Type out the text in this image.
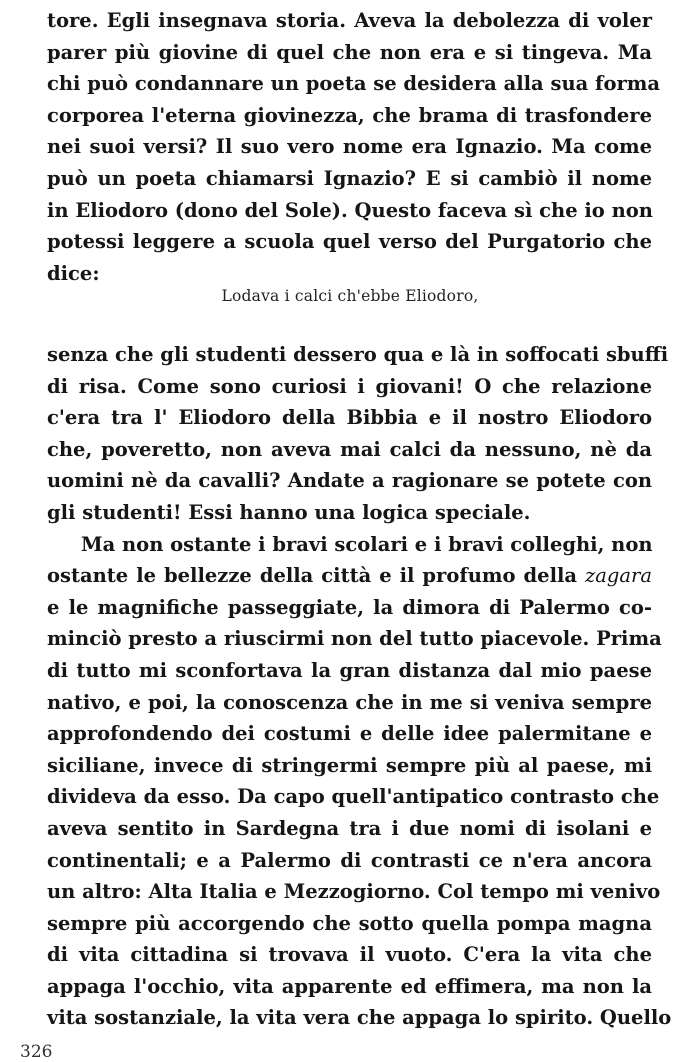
tore. Egli insegnava storia. Aveva la debolezza di voler
parer più giovine di quel che non era e si tingeva. Ma
chi può condannare un poeta se desidera alla sua forma
corporea l'eterna giovinezza, che brama di trasfondere
nei suoi versi? Il suo vero nome era Ignazio. Ma come
può un poeta chiamarsi Ignazio? E si cambiò il nome
in Eliodoro (dono del Sole). Questo faceva sì che io non
potessi leggere a scuola quel verso del Purgatorio che
dice:
Lodava i calci ch'ebbe Eliodoro,
senza che gli studenti dessero qua e là in soffocati sbuffi
di risa. Come sono curiosi i giovani! O che relazione
c'era tra l' Eliodoro della Bibbia e il nostro Eliodoro
che, poveretto, non aveva mai calci da nessuno, nè da
uomini nè da cavalli? Andate a ragionare se potete con
gli studenti! Essi hanno una logica speciale.
Ma non ostante i bravi scolari e i bravi colleghi, non
ostante le bellezze della città e il profumo della zagara
e le magnifiche passeggiate, la dimora di Palermo co-
minciò presto a riuscirmi non del tutto piacevole. Prima
di tutto mi sconfortava la gran distanza dal mio paese
nativo, e poi, la conoscenza che in me si veniva sempre
approfondendo dei costumi e delle idee palermitane e
siciliane, invece di stringermi sempre più al paese, mi
divideva da esso. Da capo quell'antipatico contrasto che
aveva sentito in Sardegna tra i due nomi di isolani e
continentali; e a Palermo di contrasti ce n'era ancora
un altro: Alta Italia e Mezzogiorno. Col tempo mi venivo
sempre più accorgendo che sotto quella pompa magna
di vita cittadina si trovava il vuoto. C'era la vita che
appaga l'occhio, vita apparente ed effimera, ma non la
vita sostanziale, la vita vera che appaga lo spirito. Quello
326
